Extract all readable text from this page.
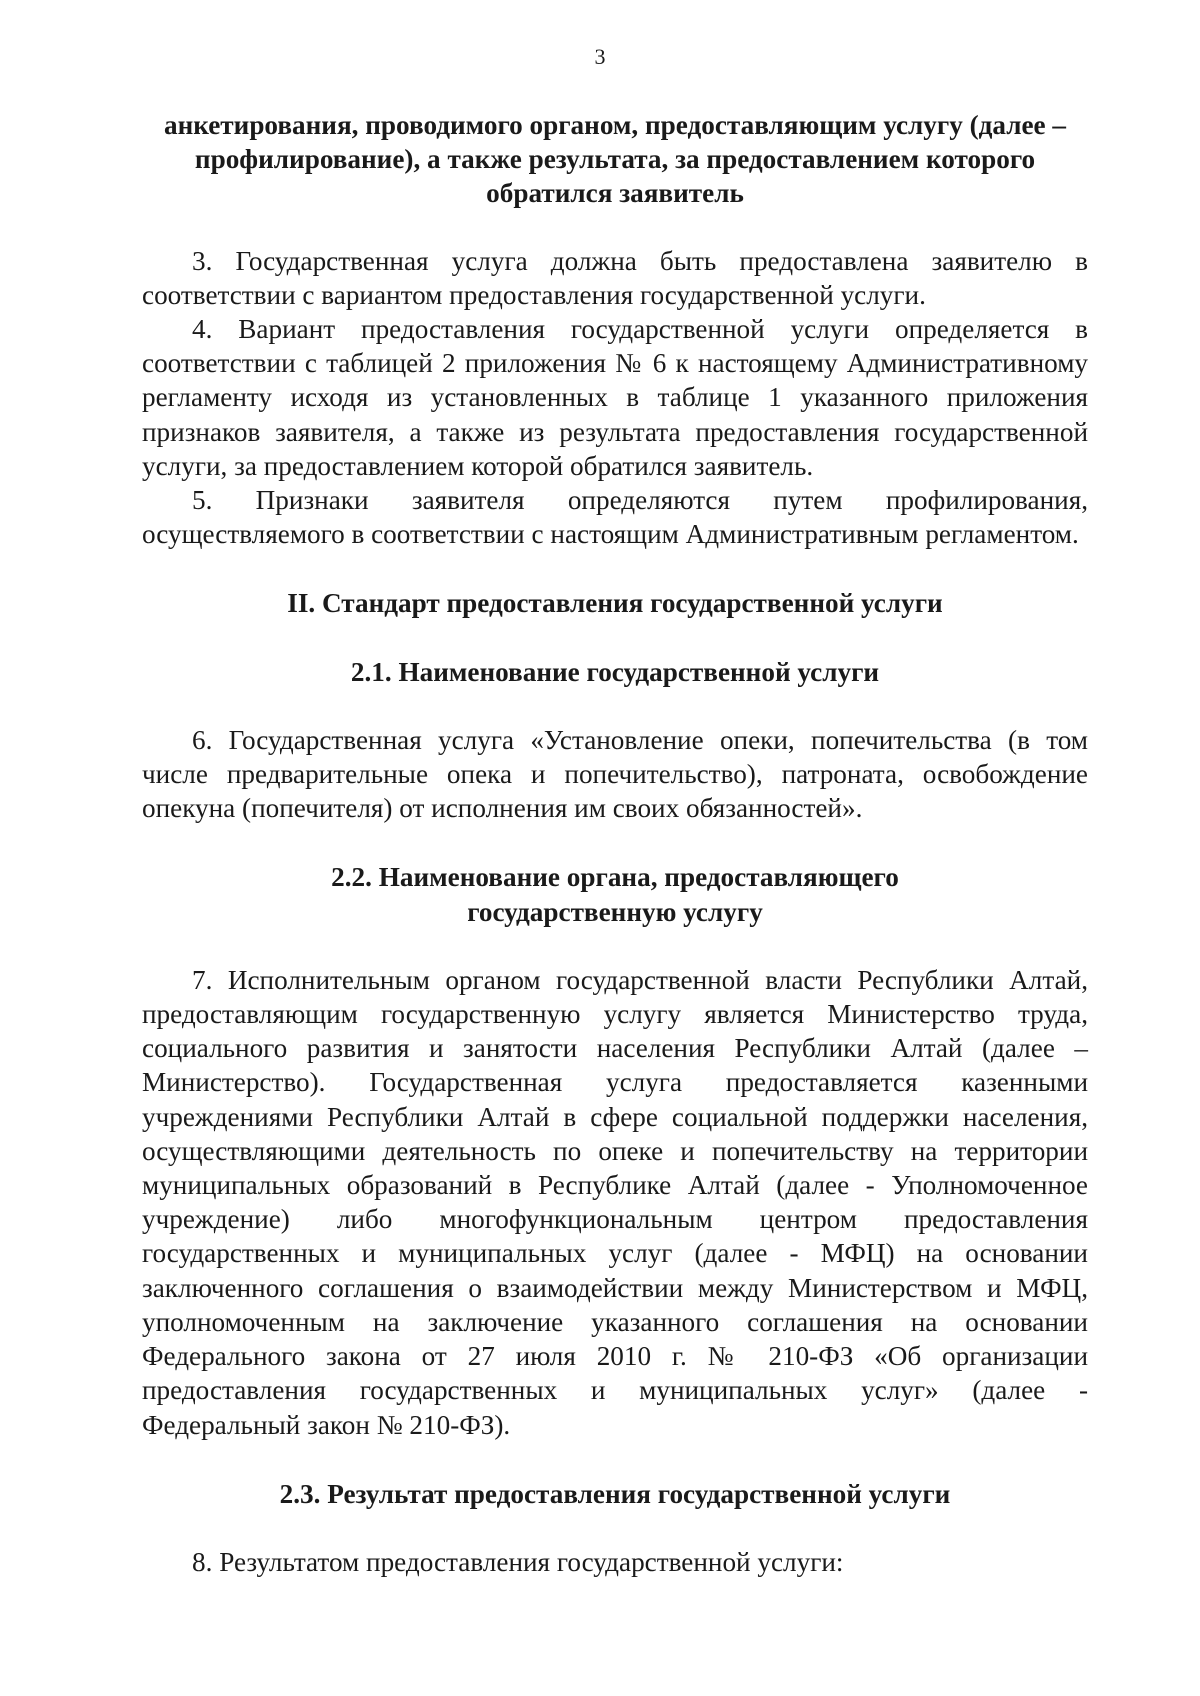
3

анкетирования, проводимого органом, предоставляющим услугу (далее – профилирование), а также результата, за предоставлением которого обратился заявитель

3. Государственная услуга должна быть предоставлена заявителю в соответствии с вариантом предоставления государственной услуги.

4. Вариант предоставления государственной услуги определяется в соответствии с таблицей 2 приложения № 6 к настоящему Административному регламенту исходя из установленных в таблице 1 указанного приложения признаков заявителя, а также из результата предоставления государственной услуги, за предоставлением которой обратился заявитель.

5. Признаки заявителя определяются путем профилирования, осуществляемого в соответствии с настоящим Административным регламентом.

II. Стандарт предоставления государственной услуги

2.1. Наименование государственной услуги

6. Государственная услуга «Установление опеки, попечительства (в том числе предварительные опека и попечительство), патроната, освобождение опекуна (попечителя) от исполнения им своих обязанностей».

2.2. Наименование органа, предоставляющего

государственную услугу

7. Исполнительным органом государственной власти Республики Алтай, предоставляющим государственную услугу является Министерство труда, социального развития и занятости населения Республики Алтай (далее – Министерство). Государственная услуга предоставляется казенными учреждениями Республики Алтай в сфере социальной поддержки населения, осуществляющими деятельность по опеке и попечительству на территории муниципальных образований в Республике Алтай (далее - Уполномоченное учреждение) либо многофункциональным центром предоставления государственных и муниципальных услуг (далее - МФЦ) на основании заключенного соглашения о взаимодействии между Министерством и МФЦ, уполномоченным на заключение указанного соглашения на основании Федерального закона от 27 июля 2010 г. № 210-ФЗ «Об организации предоставления государственных и муниципальных услуг» (далее - Федеральный закон № 210-ФЗ).

2.3. Результат предоставления государственной услуги

8. Результатом предоставления государственной услуги:
